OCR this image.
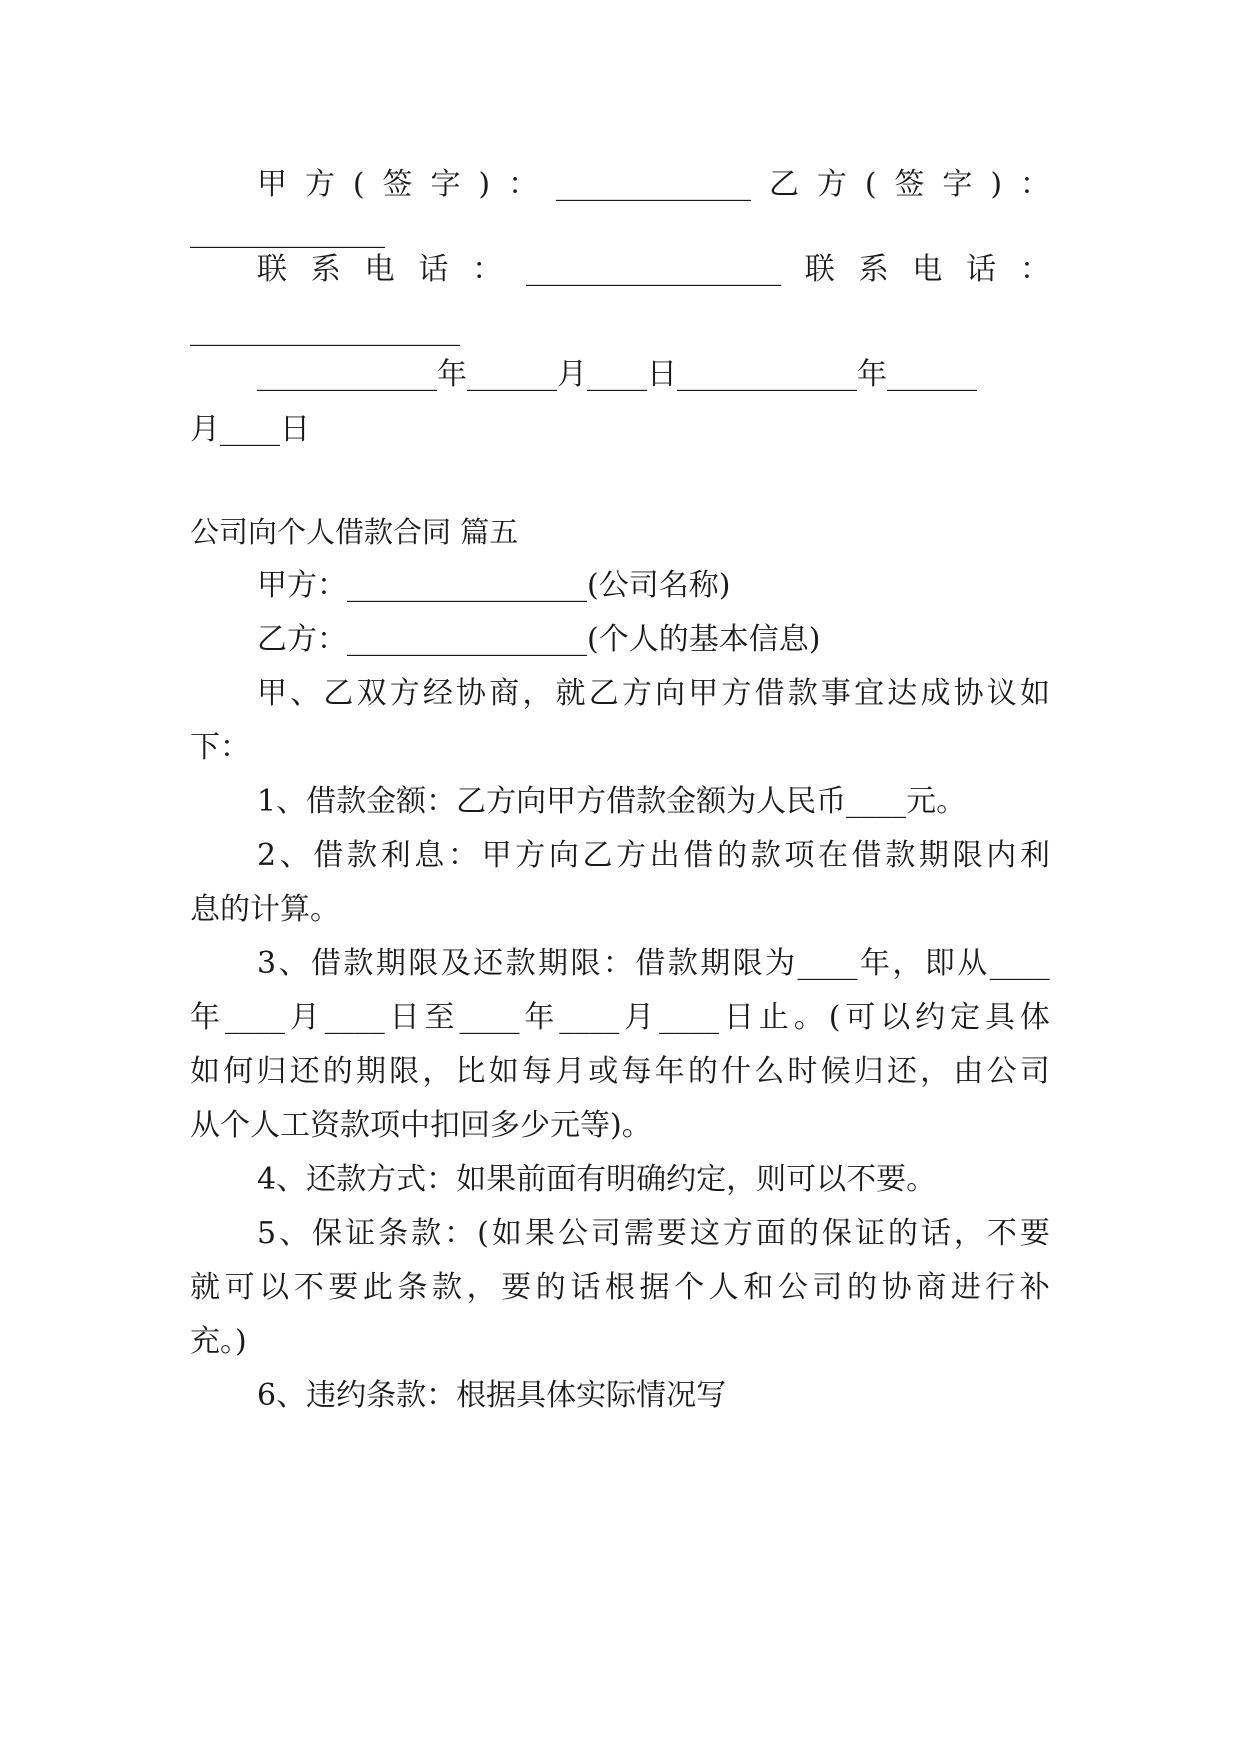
甲 方 ( 签 字 ) ： _____________ 乙 方 ( 签 字 ) ：
_____________
联 系 电 话 ： _________________ 联 系 电 话 ：
__________________
____________年______月____日____________年______
月____日
公司向个人借款合同 篇五
甲方：________________(公司名称)
乙方：________________(个人的基本信息)
甲 、 乙 双 方 经 协 商 ， 就 乙 方 向 甲 方 借 款 事 宜 达 成 协 议 如
下：
1、借款金额：乙方向甲方借款金额为人民币____元。
2 、 借 款 利 息 ： 甲 方 向 乙 方 出 借 的 款 项 在 借 款 期 限 内 利
息的计算。
3 、 借 款 期 限 及 还 款 期 限 ： 借 款 期 限 为 ____ 年 ， 即 从 ____
年 ____ 月 ____ 日 至 ____ 年 ____ 月 ____ 日 止 。 ( 可 以 约 定 具 体
如 何 归 还 的 期 限 ， 比 如 每 月 或 每 年 的 什 么 时 候 归 还 ， 由 公 司
从个人工资款项中扣回多少元等)。
4、还款方式：如果前面有明确约定，则可以不要。
5 、 保 证 条 款 ： ( 如 果 公 司 需 要 这 方 面 的 保 证 的 话 ， 不 要
就 可 以 不 要 此 条 款 ， 要 的 话 根 据 个 人 和 公 司 的 协 商 进 行 补
充。)
6、违约条款：根据具体实际情况写
